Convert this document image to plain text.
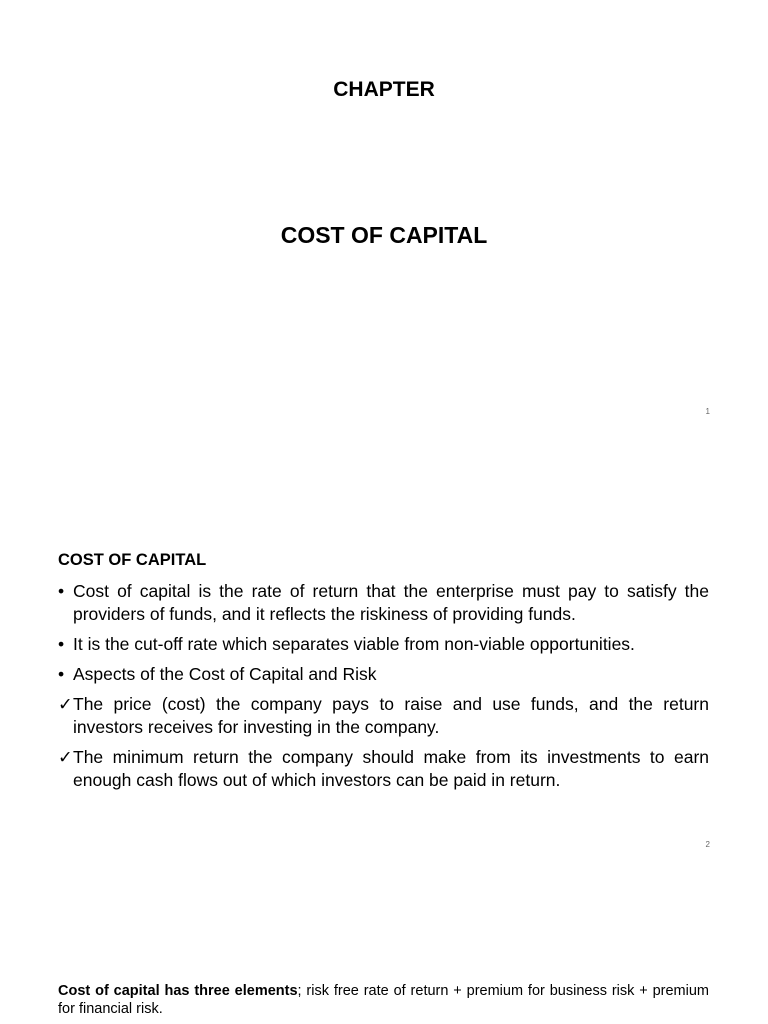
CHAPTER
COST OF CAPITAL
1
COST OF CAPITAL
• Cost of capital is the rate of return that the enterprise must pay to satisfy the providers of funds, and it reflects the riskiness of providing funds.
• It is the cut-off rate which separates viable from non-viable opportunities.
• Aspects of the Cost of Capital and Risk
✓ The price (cost) the company pays to raise and use funds, and the return investors receives for investing in the company.
✓ The minimum return the company should make from its investments to earn enough cash flows out of which investors can be paid in return.
2

Cost of capital has three elements; risk free rate of return + premium for business risk + premium for financial risk.
